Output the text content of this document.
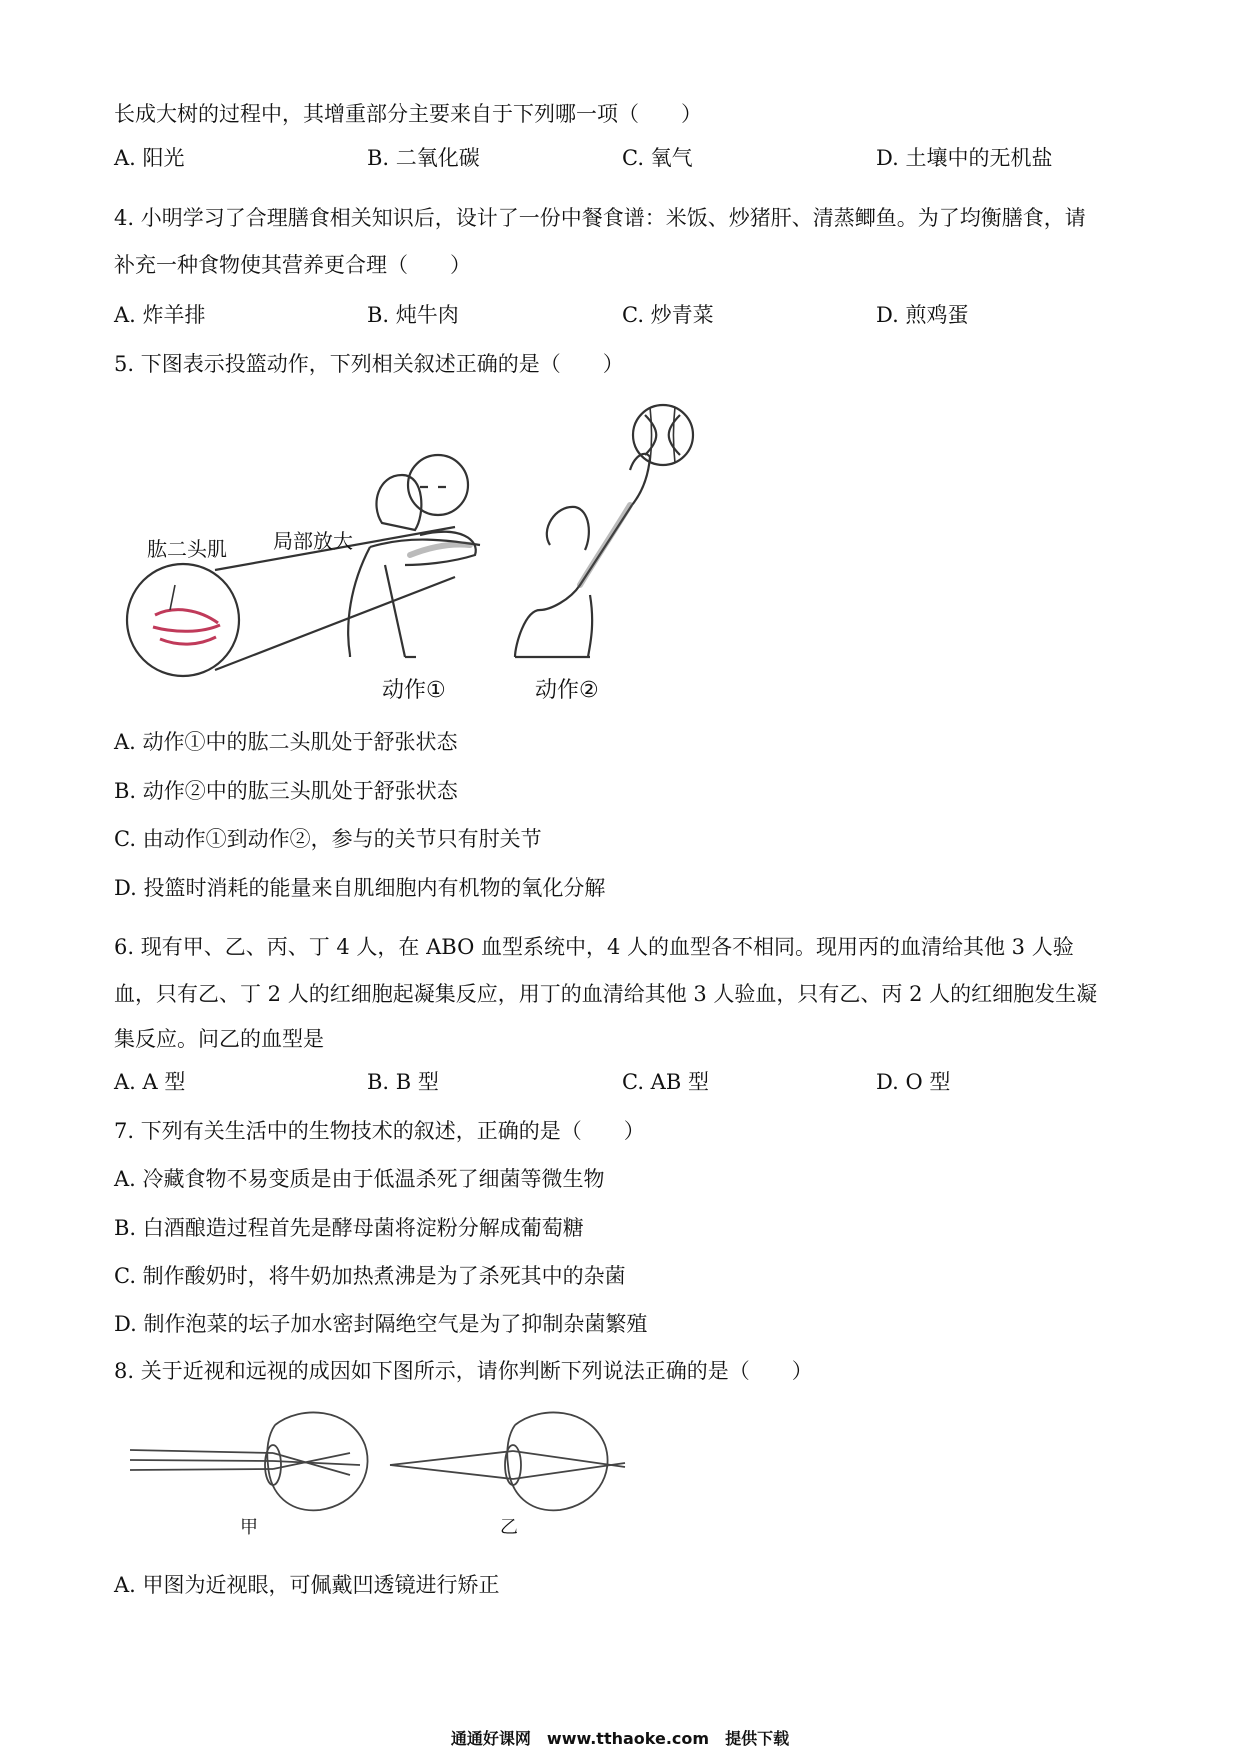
长成大树的过程中，其增重部分主要来自于下列哪一项（　　）
A. 阳光	B. 二氧化碳	C. 氧气	D. 土壤中的无机盐
4. 小明学习了合理膳食相关知识后，设计了一份中餐食谱：米饭、炒猪肝、清蒸鲫鱼。为了均衡膳食，请
补充一种食物使其营养更合理（　　）
A. 炸羊排	B. 炖牛肉	C. 炒青菜	D. 煎鸡蛋
5. 下图表示投篮动作，下列相关叙述正确的是（　　）
肱二头肌 局部放大
动作①	动作②
A. 动作①中的肱二头肌处于舒张状态
B. 动作②中的肱三头肌处于舒张状态
C. 由动作①到动作②，参与的关节只有肘关节
D. 投篮时消耗的能量来自肌细胞内有机物的氧化分解
6. 现有甲、乙、丙、丁 4 人，在 ABO 血型系统中，4 人的血型各不相同。现用丙的血清给其他 3 人验
血，只有乙、丁 2 人的红细胞起凝集反应，用丁的血清给其他 3 人验血，只有乙、丙 2 人的红细胞发生凝
集反应。问乙的血型是
A. A 型	B. B 型	C. AB 型	D. O 型
7. 下列有关生活中的生物技术的叙述，正确的是（　　）
A. 冷藏食物不易变质是由于低温杀死了细菌等微生物
B. 白酒酿造过程首先是酵母菌将淀粉分解成葡萄糖
C. 制作酸奶时，将牛奶加热煮沸是为了杀死其中的杂菌
D. 制作泡菜的坛子加水密封隔绝空气是为了抑制杂菌繁殖
8. 关于近视和远视的成因如下图所示，请你判断下列说法正确的是（　　）
甲	乙
A. 甲图为近视眼，可佩戴凹透镜进行矫正
通通好课网　www.tthaoke.com　提供下载
